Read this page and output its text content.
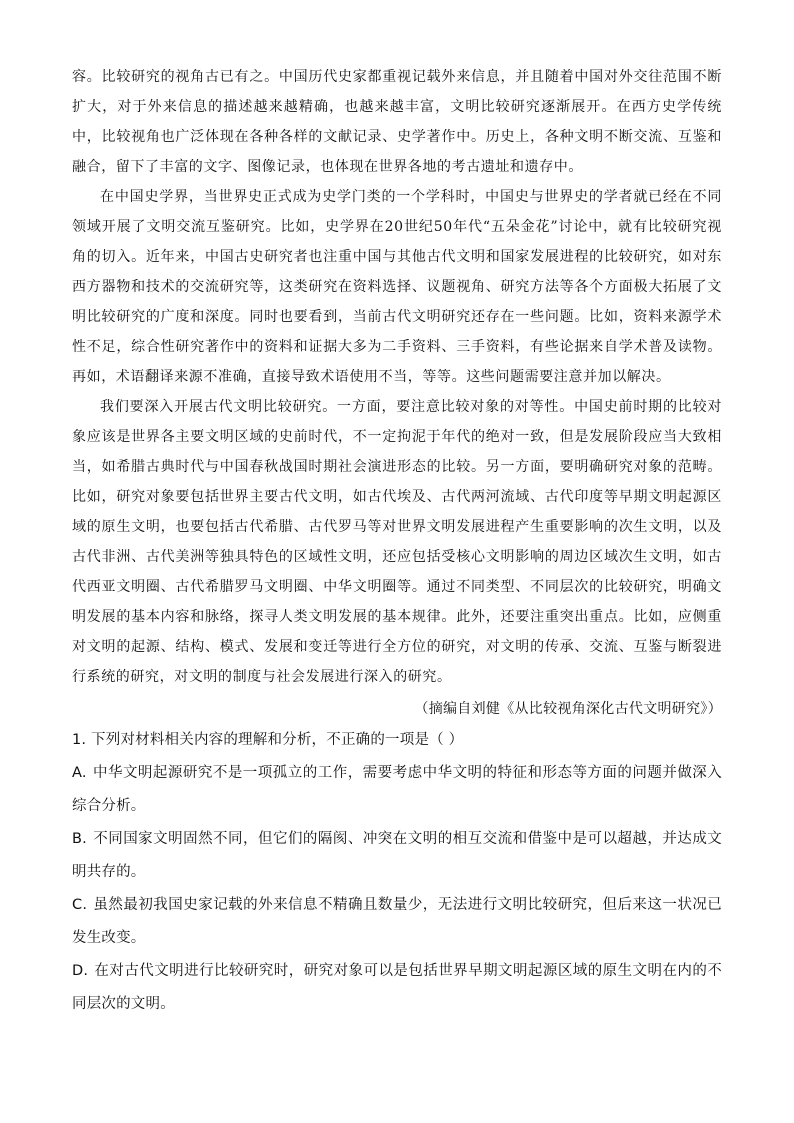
容。比较研究的视角古已有之。中国历代史家都重视记载外来信息，并且随着中国对外交往范围不断扩大，对于外来信息的描述越来越精确，也越来越丰富，文明比较研究逐渐展开。在西方史学传统中，比较视角也广泛体现在各种各样的文献记录、史学著作中。历史上，各种文明不断交流、互鉴和融合，留下了丰富的文字、图像记录，也体现在世界各地的考古遗址和遗存中。

在中国史学界，当世界史正式成为史学门类的一个学科时，中国史与世界史的学者就已经在不同领域开展了文明交流互鉴研究。比如，史学界在20世纪50年代“五朵金花”讨论中，就有比较研究视角的切入。近年来，中国古史研究者也注重中国与其他古代文明和国家发展进程的比较研究，如对东西方器物和技术的交流研究等，这类研究在资料选择、议题视角、研究方法等各个方面极大拓展了文明比较研究的广度和深度。同时也要看到，当前古代文明研究还存在一些问题。比如，资料来源学术性不足，综合性研究著作中的资料和证据大多为二手资料、三手资料，有些论据来自学术普及读物。再如，术语翻译来源不准确，直接导致术语使用不当，等等。这些问题需要注意并加以解决。

我们要深入开展古代文明比较研究。一方面，要注意比较对象的对等性。中国史前时期的比较对象应该是世界各主要文明区域的史前时代，不一定拘泥于年代的绝对一致，但是发展阶段应当大致相当，如希腊古典时代与中国春秋战国时期社会演进形态的比较。另一方面，要明确研究对象的范畴。比如，研究对象要包括世界主要古代文明，如古代埃及、古代两河流域、古代印度等早期文明起源区域的原生文明，也要包括古代希腊、古代罗马等对世界文明发展进程产生重要影响的次生文明，以及古代非洲、古代美洲等独具特色的区域性文明，还应包括受核心文明影响的周边区域次生文明，如古代西亚文明圈、古代希腊罗马文明圈、中华文明圈等。通过不同类型、不同层次的比较研究，明确文明发展的基本内容和脉络，探寻人类文明发展的基本规律。此外，还要注重突出重点。比如，应侧重对文明的起源、结构、模式、发展和变迁等进行全方位的研究，对文明的传承、交流、互鉴与断裂进行系统的研究，对文明的制度与社会发展进行深入的研究。

（摘编自刘健《从比较视角深化古代文明研究》）

1. 下列对材料相关内容的理解和分析，不正确的一项是（ ）

A. 中华文明起源研究不是一项孤立的工作，需要考虑中华文明的特征和形态等方面的问题并做深入综合分析。

B. 不同国家文明固然不同，但它们的隔阂、冲突在文明的相互交流和借鉴中是可以超越，并达成文明共存的。

C. 虽然最初我国史家记载的外来信息不精确且数量少，无法进行文明比较研究，但后来这一状况已发生改变。

D. 在对古代文明进行比较研究时，研究对象可以是包括世界早期文明起源区域的原生文明在内的不同层次的文明。
